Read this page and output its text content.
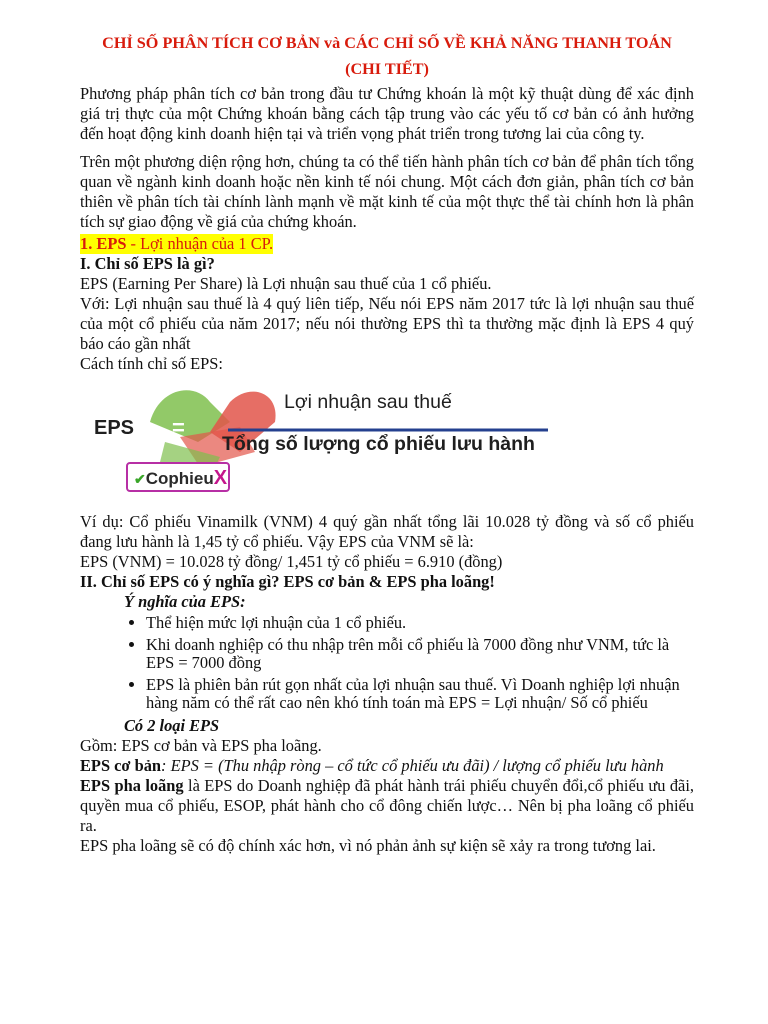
CHỈ SỐ PHÂN TÍCH CƠ BẢN và CÁC CHỈ SỐ VỀ KHẢ NĂNG THANH TOÁN
(CHI TIẾT)

Phương pháp phân tích cơ bản trong đầu tư Chứng khoán là một kỹ thuật dùng để xác định giá trị thực của một Chứng khoán bằng cách tập trung vào các yếu tố cơ bản có ảnh hưởng đến hoạt động kinh doanh hiện tại và triển vọng phát triển trong tương lai của công ty.

Trên một phương diện rộng hơn, chúng ta có thể tiến hành phân tích cơ bản để phân tích tổng quan về ngành kinh doanh hoặc nền kinh tế nói chung. Một cách đơn giản, phân tích cơ bản thiên về phân tích tài chính lành mạnh về mặt kinh tế của một thực thể tài chính hơn là phân tích sự giao động về giá của chứng khoán.

1. EPS - Lợi nhuận của 1 CP.

I. Chỉ số EPS là gì?

EPS (Earning Per Share) là Lợi nhuận sau thuế của 1 cổ phiếu.

Với: Lợi nhuận sau thuế là 4 quý liên tiếp, Nếu nói EPS năm 2017 tức là lợi nhuận sau thuế của một cổ phiếu của năm 2017; nếu nói thường EPS thì ta thường mặc định là EPS 4 quý báo cáo gần nhất

Cách tính chỉ số EPS:

EPS =
Lợi nhuận sau thuế
Tổng số lượng cổ phiếu lưu hành
✔CophieuX

Ví dụ: Cổ phiếu Vinamilk (VNM) 4 quý gần nhất tổng lãi 10.028 tỷ đồng và số cổ phiếu đang lưu hành là 1,45 tỷ cổ phiếu. Vậy EPS của VNM sẽ là:

EPS (VNM) = 10.028 tỷ đồng/ 1,451 tỷ cổ phiếu = 6.910 (đồng)

II. Chỉ số EPS có ý nghĩa gì? EPS cơ bản & EPS pha loãng!

Ý nghĩa của EPS:

• Thể hiện mức lợi nhuận của 1 cổ phiếu.
• Khi doanh nghiệp có thu nhập trên mỗi cổ phiếu là 7000 đồng như VNM, tức là EPS = 7000 đồng
• EPS là phiên bản rút gọn nhất của lợi nhuận sau thuế. Vì Doanh nghiệp lợi nhuận hàng năm có thể rất cao nên khó tính toán mà EPS = Lợi nhuận/ Số cổ phiếu

Có 2 loại EPS

Gồm: EPS cơ bản và EPS pha loãng.

EPS cơ bản: EPS = (Thu nhập ròng – cổ tức cổ phiếu ưu đãi) / lượng cổ phiếu lưu hành

EPS pha loãng là EPS do Doanh nghiệp đã phát hành trái phiếu chuyển đổi,cổ phiếu ưu đãi, quyền mua cổ phiếu, ESOP, phát hành cho cổ đông chiến lược… Nên bị pha loãng cổ phiếu ra.

EPS pha loãng sẽ có độ chính xác hơn, vì nó phản ảnh sự kiện sẽ xảy ra trong tương lai.
